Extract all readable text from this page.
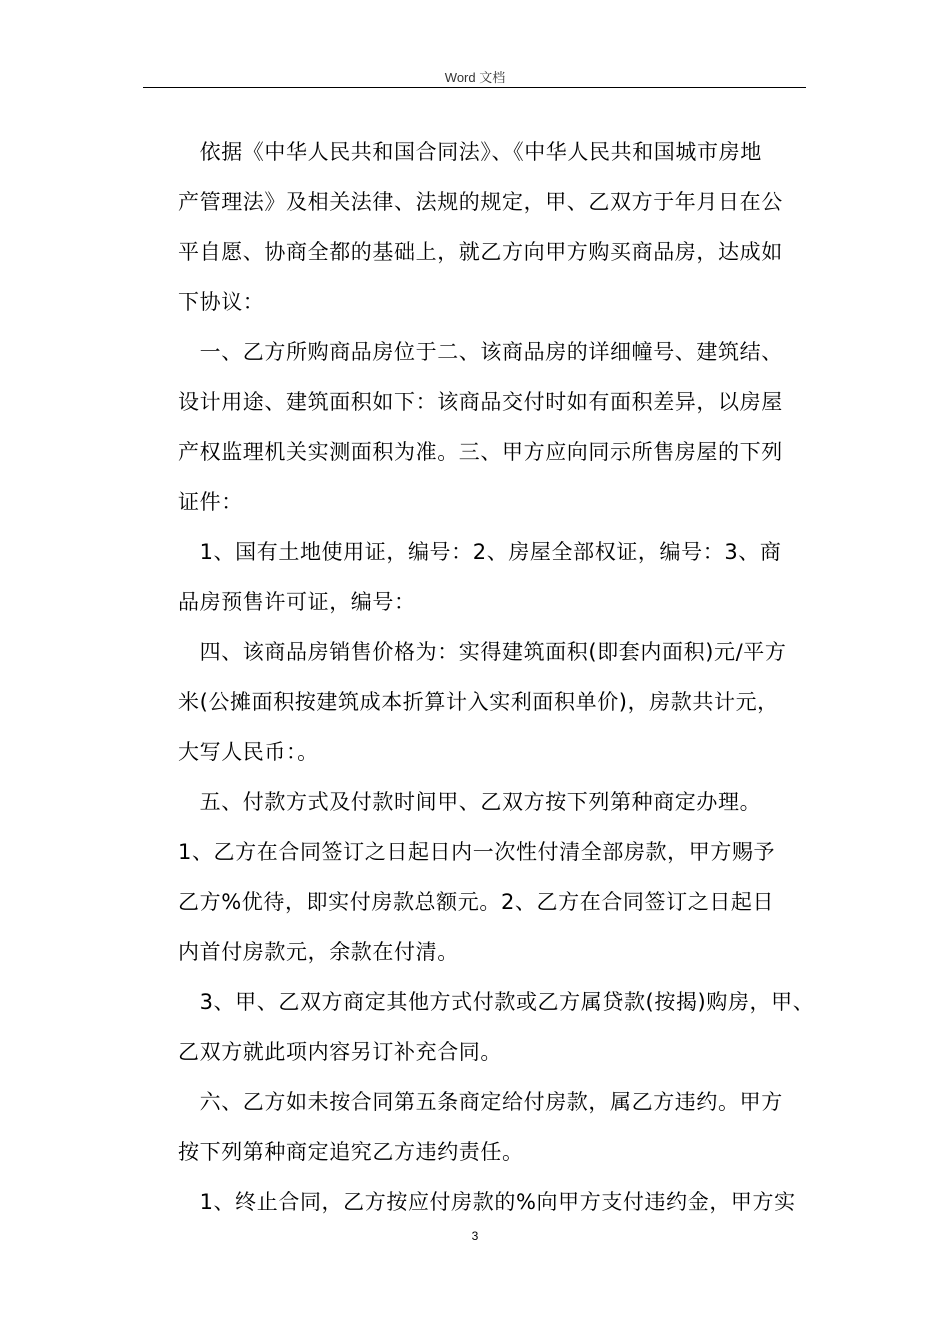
Word 文档
　依据《中华人民共和国合同法》、《中华人民共和国城市房地
产管理法》及相关法律、法规的规定，甲、乙双方于年月日在公
平自愿、协商全都的基础上，就乙方向甲方购买商品房，达成如
下协议：
　一、乙方所购商品房位于二、该商品房的详细幢号、建筑结、
设计用途、建筑面积如下：该商品交付时如有面积差异，以房屋
产权监理机关实测面积为准。三、甲方应向同示所售房屋的下列
证件：
　1、国有土地使用证，编号：2、房屋全部权证，编号：3、商
品房预售许可证，编号：
　四、该商品房销售价格为：实得建筑面积(即套内面积)元/平方
米(公摊面积按建筑成本折算计入实利面积单价)，房款共计元，
大写人民币：。
　五、付款方式及付款时间甲、乙双方按下列第种商定办理。
1、乙方在合同签订之日起日内一次性付清全部房款，甲方赐予
乙方%优待，即实付房款总额元。2、乙方在合同签订之日起日
内首付房款元，余款在付清。
　3、甲、乙双方商定其他方式付款或乙方属贷款(按揭)购房，甲、
乙双方就此项内容另订补充合同。
　六、乙方如未按合同第五条商定给付房款，属乙方违约。甲方
按下列第种商定追究乙方违约责任。
　1、终止合同，乙方按应付房款的%向甲方支付违约金，甲方实
3
